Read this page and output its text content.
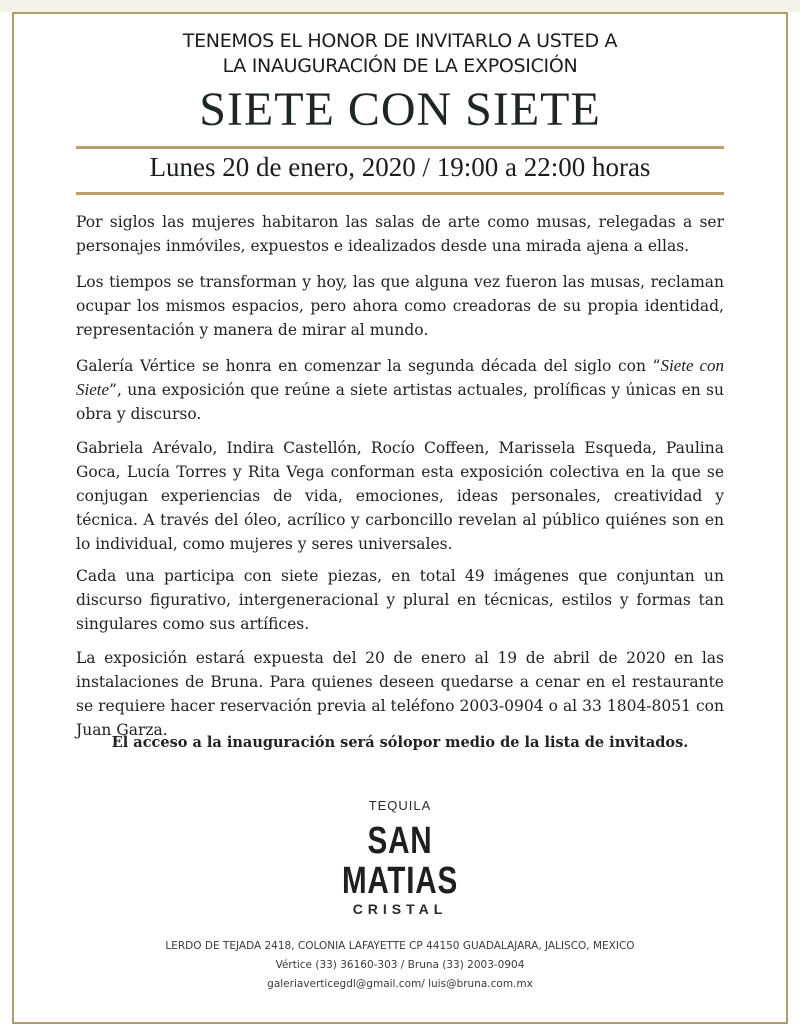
TENEMOS EL HONOR DE INVITARLO A USTED A
LA INAUGURACIÓN DE LA EXPOSICIÓN
SIETE CON SIETE
Lunes 20 de enero, 2020 / 19:00 a 22:00 horas

Por siglos las mujeres habitaron las salas de arte como musas, relegadas a ser personajes inmóviles, expuestos e idealizados desde una mirada ajena a ellas.

Los tiempos se transforman y hoy, las que alguna vez fueron las musas, reclaman ocupar los mismos espacios, pero ahora como creadoras de su propia identidad, representación y manera de mirar al mundo.

Galería Vértice se honra en comenzar la segunda década del siglo con “Siete con Siete”, una exposición que reúne a siete artistas actuales, prolíficas y únicas en su obra y discurso.

Gabriela Arévalo, Indira Castellón, Rocío Coffeen, Marissela Esqueda, Paulina Goca, Lucía Torres y Rita Vega conforman esta exposición colectiva en la que se conjugan experiencias de vida, emociones, ideas personales, creatividad y técnica. A través del óleo, acrílico y carboncillo revelan al público quiénes son en lo individual, como mujeres y seres universales.

Cada una participa con siete piezas, en total 49 imágenes que conjuntan un discurso figurativo, intergeneracional y plural en técnicas, estilos y formas tan singulares como sus artífices.

La exposición estará expuesta del 20 de enero al 19 de abril de 2020 en las instalaciones de Bruna. Para quienes deseen quedarse a cenar en el restaurante se requiere hacer reservación previa al teléfono 2003-0904 o al 33 1804-8051 con Juan Garza.

El acceso a la inauguración será sólopor medio de la lista de invitados.
TEQUILA
SAN MATIAS
CRISTAL
LERDO DE TEJADA 2418, COLONIA LAFAYETTE CP 44150 GUADALAJARA, JALISCO, MEXICO
Vértice (33) 36160-303 / Bruna (33) 2003-0904
galeriaverticegdl@gmail.com/ luis@bruna.com.mx
